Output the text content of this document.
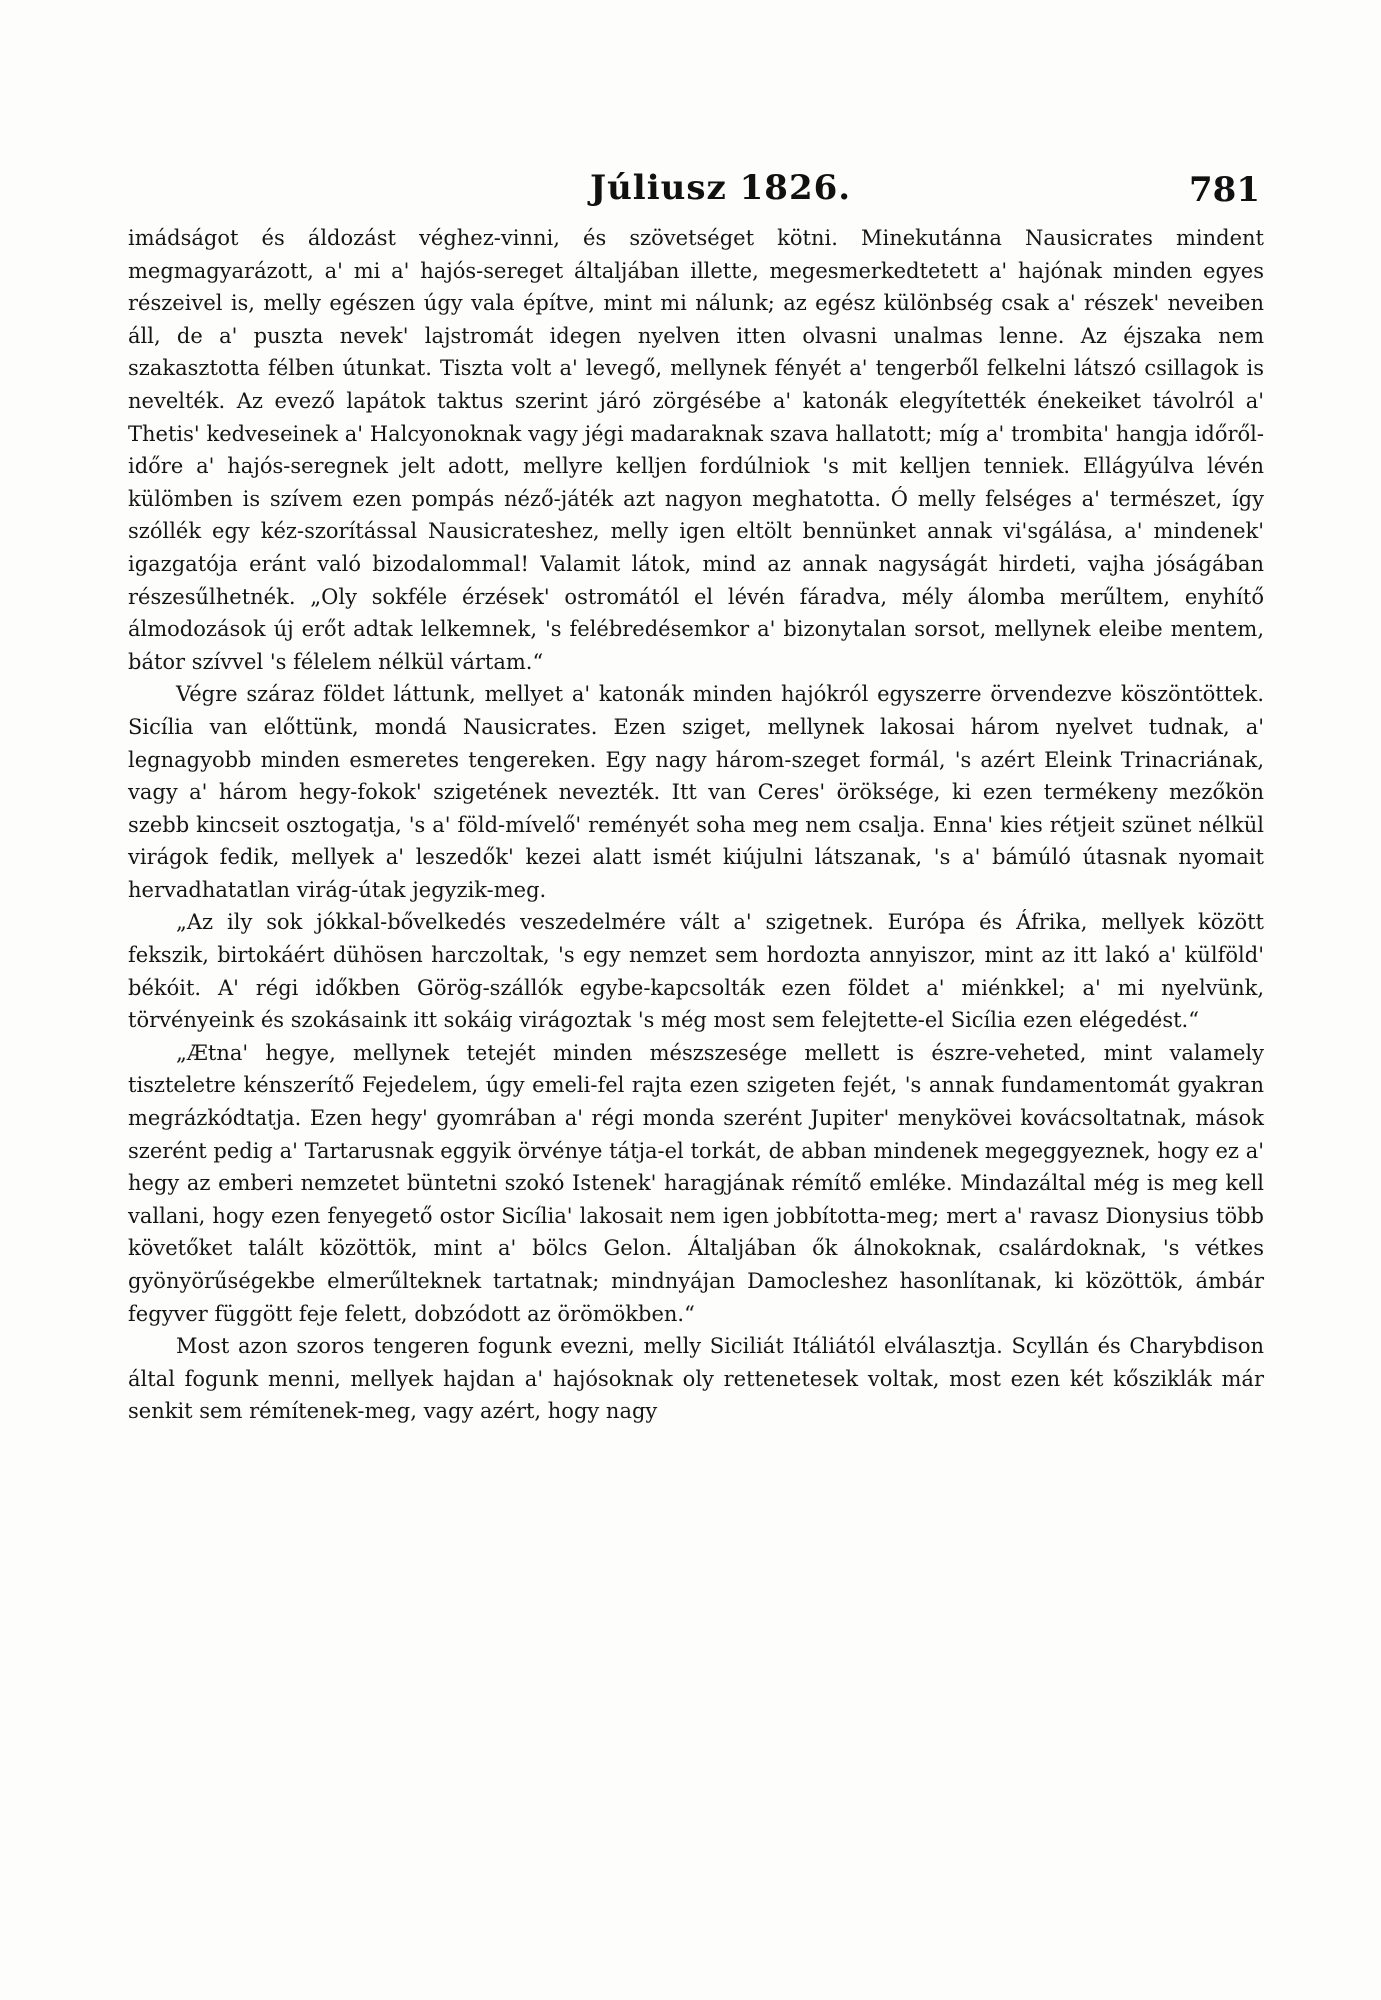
Júliusz 1826.	781

imádságot és áldozást véghez-vinni, és szövetséget kötni. Minekutánna Nausicrates mindent megmagyarázott, a' mi a' hajós-sereget általjában illette, megesmerkedtetett a' hajónak minden egyes részeivel is, melly egészen úgy vala építve, mint mi nálunk; az egész különbség csak a' részek' neveiben áll, de a' puszta nevek' lajstromát idegen nyelven itten olvasni unalmas lenne. Az éjszaka nem szakasztotta félben útunkat. Tiszta volt a' levegő, mellynek fényét a' tengerből felkelni látszó csillagok is nevelték. Az evező lapátok taktus szerint járó zörgésébe a' katonák elegyítették énekeiket távolról a' Thetis' kedveseinek a' Halcyonoknak vagy jégi madaraknak szava hallatott; míg a' trombita' hangja időről-időre a' hajós-seregnek jelt adott, mellyre kelljen fordúlniok 's mit kelljen tenniek. Ellágyúlva lévén külömben is szívem ezen pompás néző-játék azt nagyon meghatotta. Ó melly felséges a' természet, így szóllék egy kéz-szorítással Nausicrateshez, melly igen eltölt bennünket annak vi'sgálása, a' mindenek' igazgatója eránt való bizodalommal! Valamit látok, mind az annak nagyságát hirdeti, vajha jóságában részesűlhetnék. „Oly sokféle érzések' ostromától el lévén fáradva, mély álomba merűltem, enyhítő álmodozások új erőt adtak lelkemnek, 's felébredésemkor a' bizonytalan sorsot, mellynek eleibe mentem, bátor szívvel 's félelem nélkül vártam.“

Végre száraz földet láttunk, mellyet a' katonák minden hajókról egyszerre örvendezve köszöntöttek. Sicília van előttünk, mondá Nausicrates. Ezen sziget, mellynek lakosai három nyelvet tudnak, a' legnagyobb minden esmeretes tengereken. Egy nagy három-szeget formál, 's azért Eleink Trinacriának, vagy a' három hegy-fokok' szigetének nevezték. Itt van Ceres' öröksége, ki ezen termékeny mezőkön szebb kincseit osztogatja, 's a' föld-mívelő' reményét soha meg nem csalja. Enna' kies rétjeit szünet nélkül virágok fedik, mellyek a' leszedők' kezei alatt ismét kiújulni látszanak, 's a' bámúló útasnak nyomait hervadhatatlan virág-útak jegyzik-meg.

„Az ily sok jókkal-bővelkedés veszedelmére vált a' szigetnek. Európa és Áfrika, mellyek között fekszik, birtokáért dühösen harczoltak, 's egy nemzet sem hordozta annyiszor, mint az itt lakó a' külföld' békóit. A' régi időkben Görög-szállók egybe-kapcsolták ezen földet a' miénkkel; a' mi nyelvünk, törvényeink és szokásaink itt sokáig virágoztak 's még most sem felejtette-el Sicília ezen elégedést.“

„Ætna' hegye, mellynek tetejét minden mészszesége mellett is észre-veheted, mint valamely tiszteletre kénszerítő Fejedelem, úgy emeli-fel rajta ezen szigeten fejét, 's annak fundamentomát gyakran megrázkódtatja. Ezen hegy' gyomrában a' régi monda szerént Jupiter' menykövei kovácsoltatnak, mások szerént pedig a' Tartarusnak eggyik örvénye tátja-el torkát, de abban mindenek megeggyeznek, hogy ez a' hegy az emberi nemzetet büntetni szokó Istenek' haragjának rémítő emléke. Mindazáltal még is meg kell vallani, hogy ezen fenyegető ostor Sicília' lakosait nem igen jobbította-meg; mert a' ravasz Dionysius több követőket talált közöttök, mint a' bölcs Gelon. Általjában ők álnokoknak, csalárdoknak, 's vétkes gyönyörűségekbe elmerűlteknek tartatnak; mindnyájan Damocleshez hasonlítanak, ki közöttök, ámbár fegyver függött feje felett, dobzódott az örömökben.“

Most azon szoros tengeren fogunk evezni, melly Siciliát Itáliától elválasztja. Scyllán és Charybdison által fogunk menni, mellyek hajdan a' hajósoknak oly rettenetesek voltak, most ezen két kősziklák már senkit sem rémítenek-meg, vagy azért, hogy nagy
